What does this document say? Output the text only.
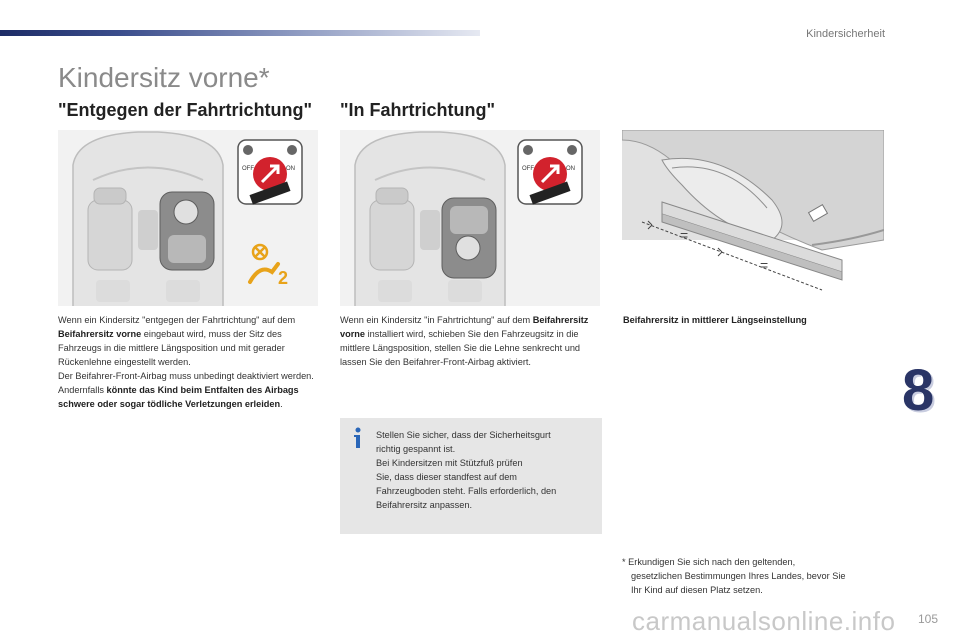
Kindersicherheit
Kindersitz vorne*
"Entgegen der Fahrtrichtung" "In Fahrtrichtung"
OFF	ON
2
OFF	ON
=
=
Wenn ein Kindersitz "entgegen der Fahrtrichtung" auf dem Beifahrersitz vorne eingebaut wird, muss der Sitz des Fahrzeugs in die mittlere Längsposition und mit gerader Rückenlehne eingestellt werden.
Der Beifahrer-Front-Airbag muss unbedingt deaktiviert werden. Andernfalls könnte das Kind beim Entfalten des Airbags schwere oder sogar tödliche Verletzungen erleiden.
Wenn ein Kindersitz "in Fahrtrichtung" auf dem Beifahrersitz vorne installiert wird, schieben Sie den Fahrzeugsitz in die mittlere Längsposition, stellen Sie die Lehne senkrecht und lassen Sie den Beifahrer-Front-Airbag aktiviert.
Beifahrersitz in mittlerer Längseinstellung
Stellen Sie sicher, dass der Sicherheitsgurt
richtig gespannt ist.
Bei Kindersitzen mit Stützfuß prüfen
Sie, dass dieser standfest auf dem
Fahrzeugboden steht. Falls erforderlich, den
Beifahrersitz anpassen.
* Erkundigen Sie sich nach den geltenden,
gesetzlichen Bestimmungen Ihres Landes, bevor Sie
Ihr Kind auf diesen Platz setzen.
8
carmanualsonline.info 105
